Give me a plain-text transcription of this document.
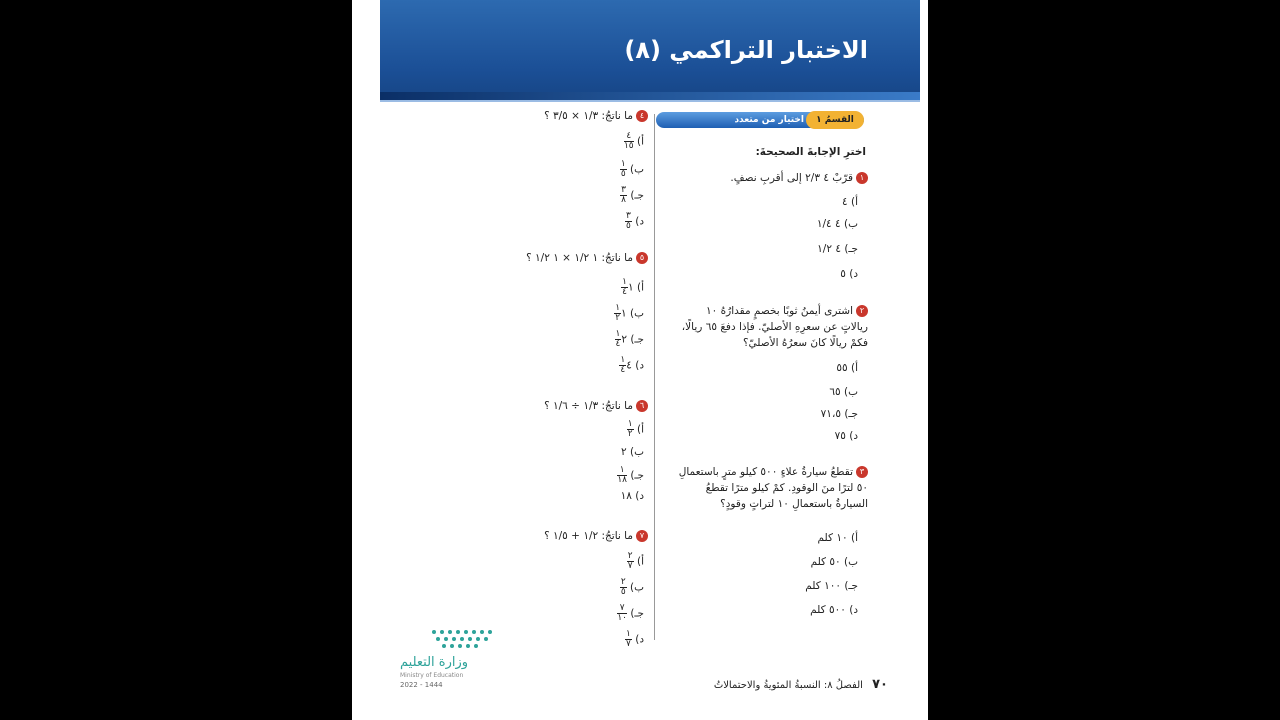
الاختبار التراكمي (٨)
اختيار من متعدد	القسمُ ١
اخترِ الإجابةَ الصحيحةَ:
٧٠ الفصلُ ٨: النسبةُ المئويةُ والاحتمالاتُ
وزارة التعليم
Ministry of Education
2022 - 1444
١قرّبْ ٤ ٢/٣ إلى أقربِ نصفٍ.
أ) ٤
ب) ٤ ١/٤
جـ) ٤ ١/٢
د) ٥
٢اشترى أيمنُ ثوبًا بخصمٍ مقدارُهُ ١٠ ريالاتٍ عن سعرِهِ الأصليّ. فإذا دفعَ ٦٥ ريالًا، فكمْ ريالًا كانَ سعرُهُ الأصليّ؟
أ) ٥٥
ب) ٦٥
جـ) ٧١،٥
د) ٧٥
٣تقطعُ سيارةُ علاءٍ ٥٠٠ كيلو مترٍ باستعمالِ ٥٠ لترًا منَ الوقودِ. كمْ كيلو مترًا تقطعُ السيارةُ باستعمالِ ١٠ لتراتٍ وقودٍ؟
أ) ١٠ كلم
ب) ٥٠ كلم
جـ) ١٠٠ كلم
د) ٥٠٠ كلم
٤ما ناتجُ: ١/٣ × ٣/٥ ؟
أ)
$\frac{٤}{١٥}$
ب)
$\frac{١}{٥}$
جـ)
$\frac{٣}{٨}$
د)
$\frac{٣}{٥}$
٥ما ناتجُ: ١ ١/٢ × ١ ١/٢ ؟
أ) ١
$\frac{١}{٤}$
ب) ١
$\frac{١}{٢}$
جـ) ٢
$\frac{١}{٤}$
د) ٤
$\frac{١}{٤}$
٦ما ناتجُ: ١/٣ ÷ ١/٦ ؟
أ)
$\frac{١}{٢}$
ب) ٢
جـ)
$\frac{١}{١٨}$
د) ١٨
٧ما ناتجُ: ١/٢ + ١/٥ ؟
أ)
$\frac{٢}{٧}$
ب)
$\frac{٢}{٥}$
جـ)
$\frac{٧}{١٠}$
د)
$\frac{١}{٧}$
